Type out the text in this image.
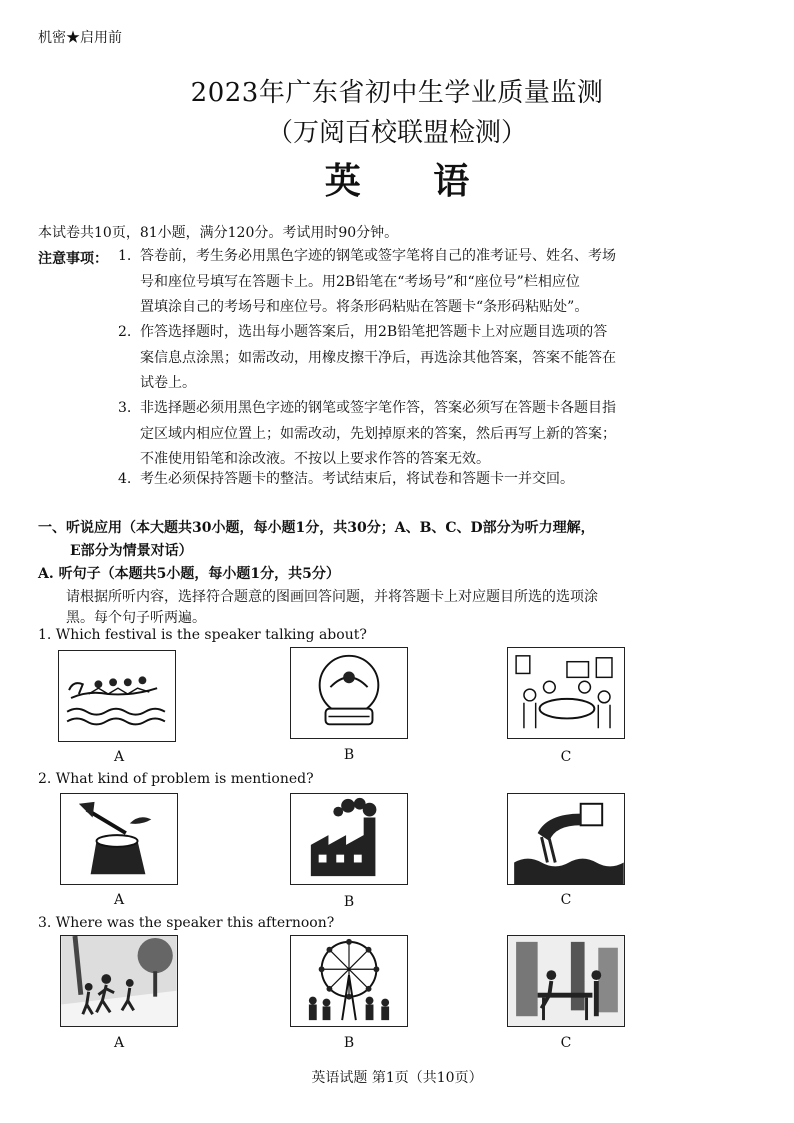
机密★启用前
2023年广东省初中生学业质量监测
（万阅百校联盟检测）
英 语
本试卷共10页，81小题，满分120分。考试用时90分钟。
注意事项： 1. 答卷前，考生务必用黑色字迹的钢笔或签字笔将自己的准考证号、姓名、考场
号和座位号填写在答题卡上。用2B铅笔在“考场号”和“座位号”栏相应位
置填涂自己的考场号和座位号。将条形码粘贴在答题卡“条形码粘贴处”。
2. 作答选择题时，选出每小题答案后，用2B铅笔把答题卡上对应题目选项的答
案信息点涂黑；如需改动，用橡皮擦干净后，再选涂其他答案，答案不能答在
试卷上。
3. 非选择题必须用黑色字迹的钢笔或签字笔作答，答案必须写在答题卡各题目指
定区域内相应位置上；如需改动，先划掉原来的答案，然后再写上新的答案；
不准使用铅笔和涂改液。不按以上要求作答的答案无效。
4. 考生必须保持答题卡的整洁。考试结束后，将试卷和答题卡一并交回。
一、听说应用（本大题共30小题，每小题1分，共30分；A、B、C、D部分为听力理解，
E部分为情景对话）
A. 听句子（本题共5小题，每小题1分，共5分）
请根据所听内容，选择符合题意的图画回答问题，并将答题卡上对应题目所选的选项涂
黑。每个句子听两遍。
1. Which festival is the speaker talking about?
A	B	C
2. What kind of problem is mentioned?
A	B	C
3. Where was the speaker this afternoon?
A	B	C
英语试题 第1页（共10页）
